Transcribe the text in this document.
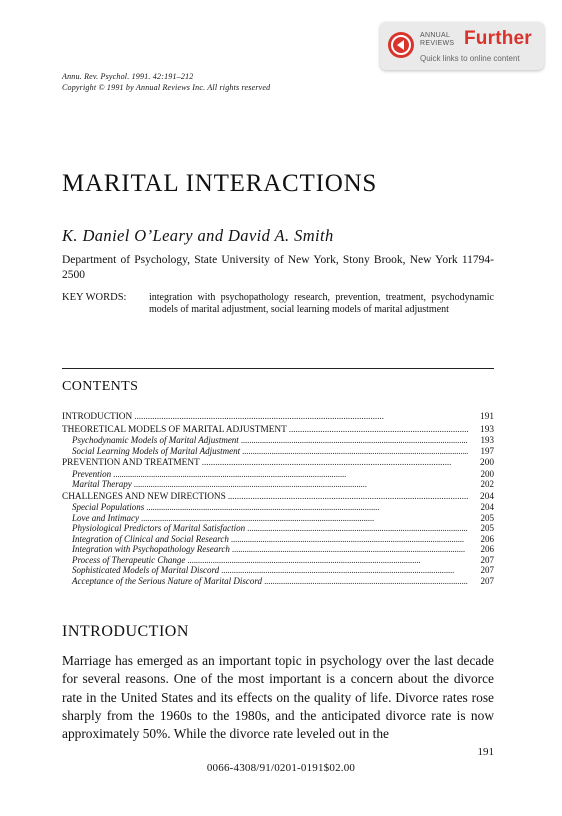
ANNUAL
REVIEWS Further
Quick links to online content
Annu. Rev. Psychol. 1991. 42:191–212
Copyright © 1991 by Annual Reviews Inc. All rights reserved
MARITAL INTERACTIONS
K. Daniel O’Leary and David A. Smith
Department of Psychology, State University of New York, Stony Brook, New York 11794-2500
KEY WORDS: integration with psychopathology research, prevention, treatment, psychodynamic models of marital adjustment, social learning models of marital adjustment
CONTENTS
INTRODUCTION . . .	191
THEORETICAL MODELS OF MARITAL ADJUSTMENT . . .	193
Psychodynamic Models of Marital Adjustment . . .	193
Social Learning Models of Marital Adjustment . . .	197
PREVENTION AND TREATMENT . . .	200
Prevention . . .	200
Marital Therapy . . .	202
CHALLENGES AND NEW DIRECTIONS . . .	204
Special Populations . . .	204
Love and Intimacy . . .	205
Physiological Predictors of Marital Satisfaction . . .	205
Integration of Clinical and Social Research . . .	206
Integration with Psychopathology Research . . .	206
Process of Therapeutic Change . . .	207
Sophisticated Models of Marital Discord . . .	207
Acceptance of the Serious Nature of Marital Discord . . .	207
INTRODUCTION
Marriage has emerged as an important topic in psychology over the last decade for several reasons. One of the most important is a concern about the divorce rate in the United States and its effects on the quality of life. Divorce rates rose sharply from the 1960s to the 1980s, and the anticipated divorce rate is now approximately 50%. While the divorce rate leveled out in the
191
0066-4308/91/0201-0191$02.00
